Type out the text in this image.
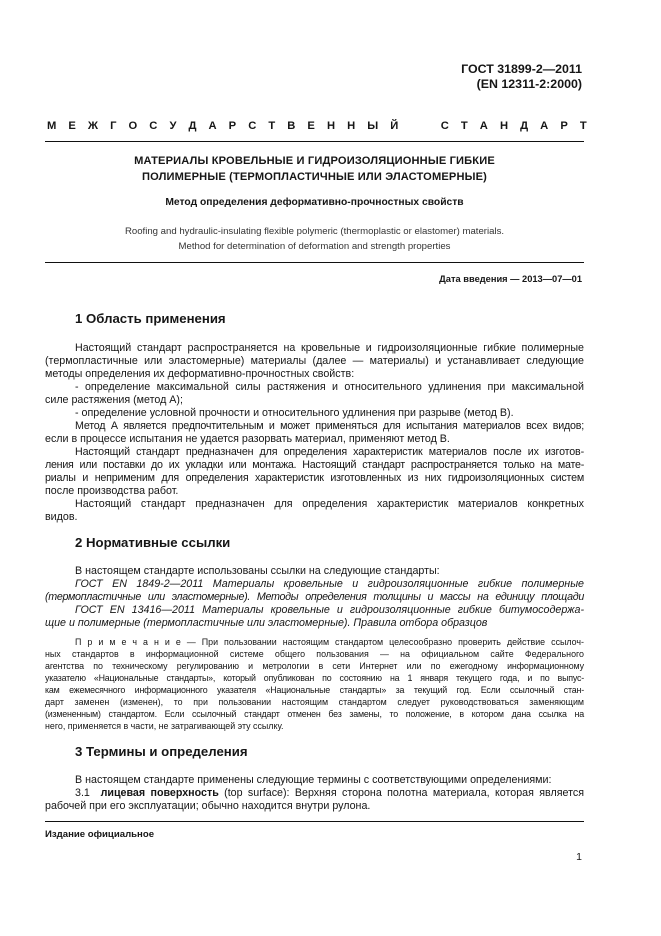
ГОСТ 31899-2—2011
(EN 12311-2:2000)
М Е Ж Г О С У Д А Р С Т В Е Н Н Ы Й

	С Т А Н Д А Р Т
МАТЕРИАЛЫ КРОВЕЛЬНЫЕ И ГИДРОИЗОЛЯЦИОННЫЕ ГИБКИЕ
ПОЛИМЕРНЫЕ (ТЕРМОПЛАСТИЧНЫЕ ИЛИ ЭЛАСТОМЕРНЫЕ)
Метод определения деформативно-прочностных свойств
Roofing and hydraulic-insulating flexible polymeric (thermoplastic or elastomer) materials.
Method for determination of deformation and strength properties
Дата введения — 2013—07—01
1 Область применения
Настоящий стандарт распространяется на кровельные и гидроизоляционные гибкие полимерные
(термопластичные или эластомерные) материалы (далее — материалы) и устанавливает следующие
методы определения их деформативно-прочностных свойств:
- определение максимальной силы растяжения и относительного удлинения при максимальной
силе растяжения (метод А);
- определение условной прочности и относительного удлинения при разрыве (метод В).
Метод А является предпочтительным и может применяться для испытания материалов всех видов;
если в процессе испытания не удается разорвать материал, применяют метод В.
Настоящий стандарт предназначен для определения характеристик материалов после их изготов-
ления или поставки до их укладки или монтажа. Настоящий стандарт распространяется только на мате-
риалы и неприменим для определения характеристик изготовленных из них гидроизоляционных систем
после производства работ.
Настоящий стандарт предназначен для определения характеристик материалов конкретных
видов.
2 Нормативные ссылки
В настоящем стандарте использованы ссылки на следующие стандарты:
ГОСТ EN 1849-2—2011 Материалы кровельные и гидроизоляционные гибкие полимерные
(термопластичные или эластомерные). Методы определения толщины и массы на единицу площади
ГОСТ EN 13416—2011 Материалы кровельные и гидроизоляционные гибкие битумосодержа-
щие и полимерные (термопластичные или эластомерные). Правила отбора образцов
П р и м е ч а н и е — При пользовании настоящим стандартом целесообразно проверить действие ссылоч-
ных стандартов в информационной системе общего пользования — на официальном сайте Федерального
агентства по техническому регулированию и метрологии в сети Интернет или по ежегодному информационному
указателю «Национальные стандарты», который опубликован по состоянию на 1 января текущего года, и по выпус-
кам ежемесячного информационного указателя «Национальные стандарты» за текущий год. Если ссылочный стан-
дарт заменен (изменен), то при пользовании настоящим стандартом следует руководствоваться заменяющим
(измененным) стандартом. Если ссылочный стандарт отменен без замены, то положение, в котором дана ссылка на
него, применяется в части, не затрагивающей эту ссылку.
3 Термины и определения
В настоящем стандарте применены следующие термины с соответствующими определениями:
3.1 лицевая поверхность (top surface): Верхняя сторона полотна материала, которая является
рабочей при его эксплуатации; обычно находится внутри рулона.
Издание официальное
1
